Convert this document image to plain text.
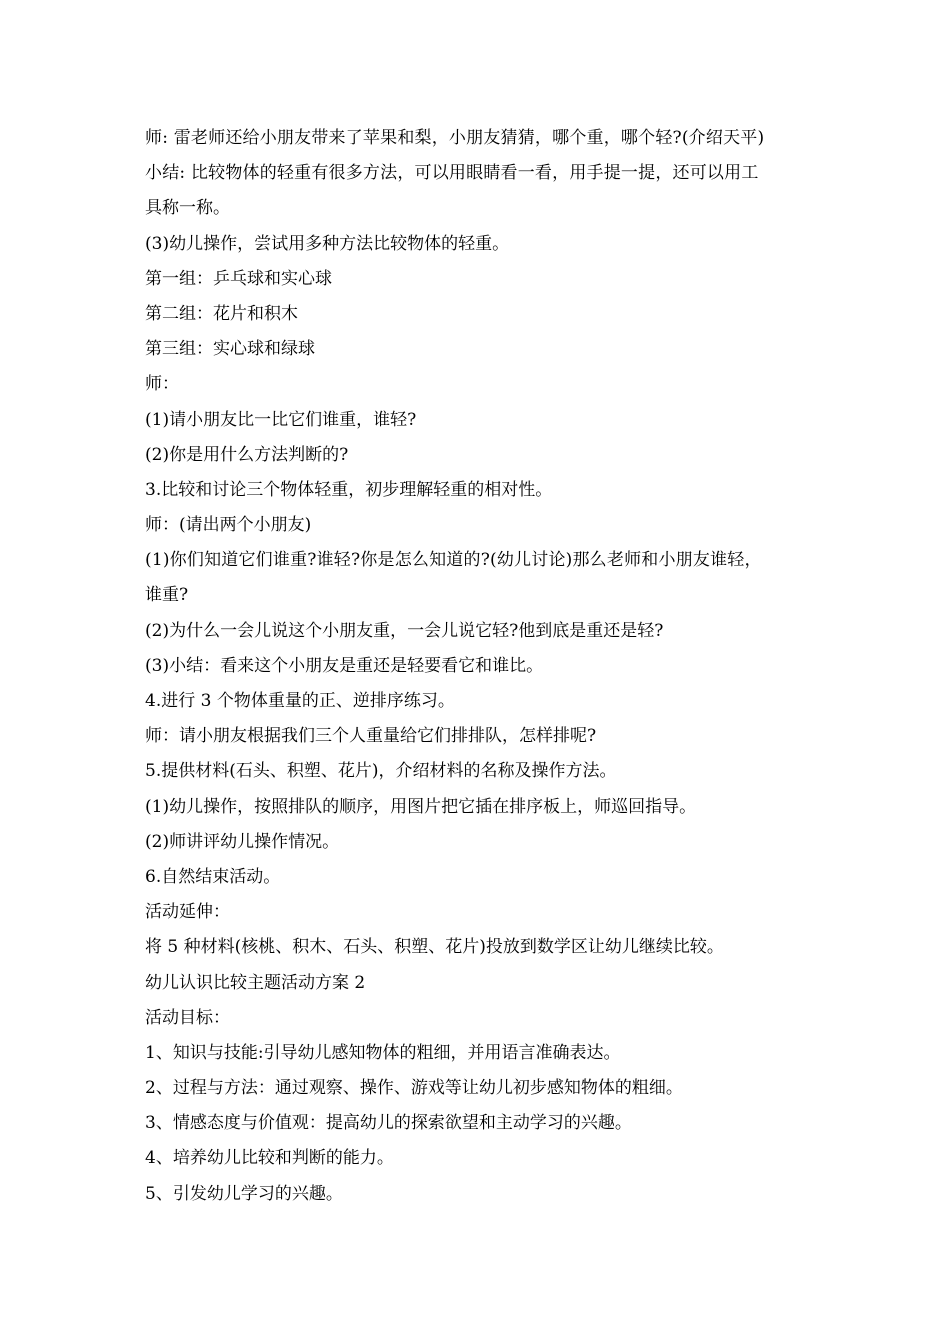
师: 雷老师还给小朋友带来了苹果和梨，小朋友猜猜，哪个重，哪个轻?(介绍天平)
小结: 比较物体的轻重有很多方法，可以用眼睛看一看，用手提一提，还可以用工
具称一称。
(3)幼儿操作，尝试用多种方法比较物体的轻重。
第一组：乒乓球和实心球
第二组：花片和积木
第三组：实心球和绿球
师：
(1)请小朋友比一比它们谁重，谁轻?
(2)你是用什么方法判断的?
3.比较和讨论三个物体轻重，初步理解轻重的相对性。
师：(请出两个小朋友)
(1)你们知道它们谁重?谁轻?你是怎么知道的?(幼儿讨论)那么老师和小朋友谁轻，
谁重?
(2)为什么一会儿说这个小朋友重，一会儿说它轻?他到底是重还是轻?
(3)小结：看来这个小朋友是重还是轻要看它和谁比。
4.进行 3 个物体重量的正、逆排序练习。
师：请小朋友根据我们三个人重量给它们排排队，怎样排呢?
5.提供材料(石头、积塑、花片)，介绍材料的名称及操作方法。
(1)幼儿操作，按照排队的顺序，用图片把它插在排序板上，师巡回指导。
(2)师讲评幼儿操作情况。
6.自然结束活动。
活动延伸：
将 5 种材料(核桃、积木、石头、积塑、花片)投放到数学区让幼儿继续比较。
幼儿认识比较主题活动方案 2
活动目标：
1、知识与技能:引导幼儿感知物体的粗细，并用语言准确表达。
2、过程与方法：通过观察、操作、游戏等让幼儿初步感知物体的粗细。
3、情感态度与价值观：提高幼儿的探索欲望和主动学习的兴趣。
4、培养幼儿比较和判断的能力。
5、引发幼儿学习的兴趣。
